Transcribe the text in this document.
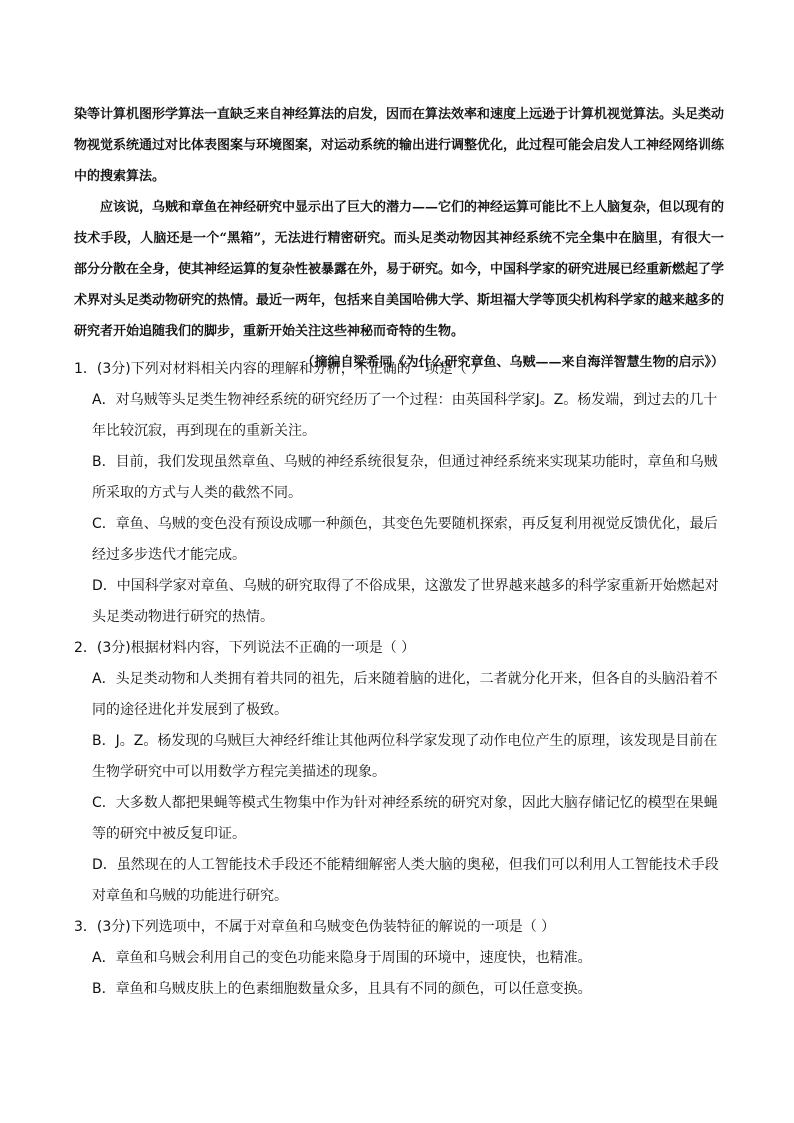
染等计算机图形学算法一直缺乏来自神经算法的启发，因而在算法效率和速度上远逊于计算机视觉算法。头足类动物视觉系统通过对比体表图案与环境图案，对运动系统的输出进行调整优化，此过程可能会启发人工神经网络训练中的搜索算法。

应该说，乌贼和章鱼在神经研究中显示出了巨大的潜力——它们的神经运算可能比不上人脑复杂，但以现有的技术手段，人脑还是一个“黑箱”，无法进行精密研究。而头足类动物因其神经系统不完全集中在脑里，有很大一部分分散在全身，使其神经运算的复杂性被暴露在外，易于研究。如今，中国科学家的研究进展已经重新燃起了学术界对头足类动物研究的热情。最近一两年，包括来自美国哈佛大学、斯坦福大学等顶尖机构科学家的越来越多的研究者开始追随我们的脚步，重新开始关注这些神秘而奇特的生物。

（摘编自梁希同《为什么研究章鱼、乌贼——来自海洋智慧生物的启示》）

1．(3分)下列对材料相关内容的理解和分析，不正确的一项是（ ）

A．对乌贼等头足类生物神经系统的研究经历了一个过程：由英国科学家J。Z。杨发端，到过去的几十年比较沉寂，再到现在的重新关注。

B．目前，我们发现虽然章鱼、乌贼的神经系统很复杂，但通过神经系统来实现某功能时，章鱼和乌贼所采取的方式与人类的截然不同。

C．章鱼、乌贼的变色没有预设成哪一种颜色，其变色先要随机探索，再反复利用视觉反馈优化，最后经过多步迭代才能完成。

D．中国科学家对章鱼、乌贼的研究取得了不俗成果，这激发了世界越来越多的科学家重新开始燃起对头足类动物进行研究的热情。

2．(3分)根据材料内容，下列说法不正确的一项是（ ）

A．头足类动物和人类拥有着共同的祖先，后来随着脑的进化，二者就分化开来，但各自的头脑沿着不同的途径进化并发展到了极致。

B．J。Z。杨发现的乌贼巨大神经纤维让其他两位科学家发现了动作电位产生的原理，该发现是目前在生物学研究中可以用数学方程完美描述的现象。

C．大多数人都把果蝇等模式生物集中作为针对神经系统的研究对象，因此大脑存储记忆的模型在果蝇等的研究中被反复印证。

D．虽然现在的人工智能技术手段还不能精细解密人类大脑的奥秘，但我们可以利用人工智能技术手段对章鱼和乌贼的功能进行研究。

3．(3分)下列选项中，不属于对章鱼和乌贼变色伪装特征的解说的一项是（ ）

A．章鱼和乌贼会利用自己的变色功能来隐身于周围的环境中，速度快，也精准。

B．章鱼和乌贼皮肤上的色素细胞数量众多，且具有不同的颜色，可以任意变换。
